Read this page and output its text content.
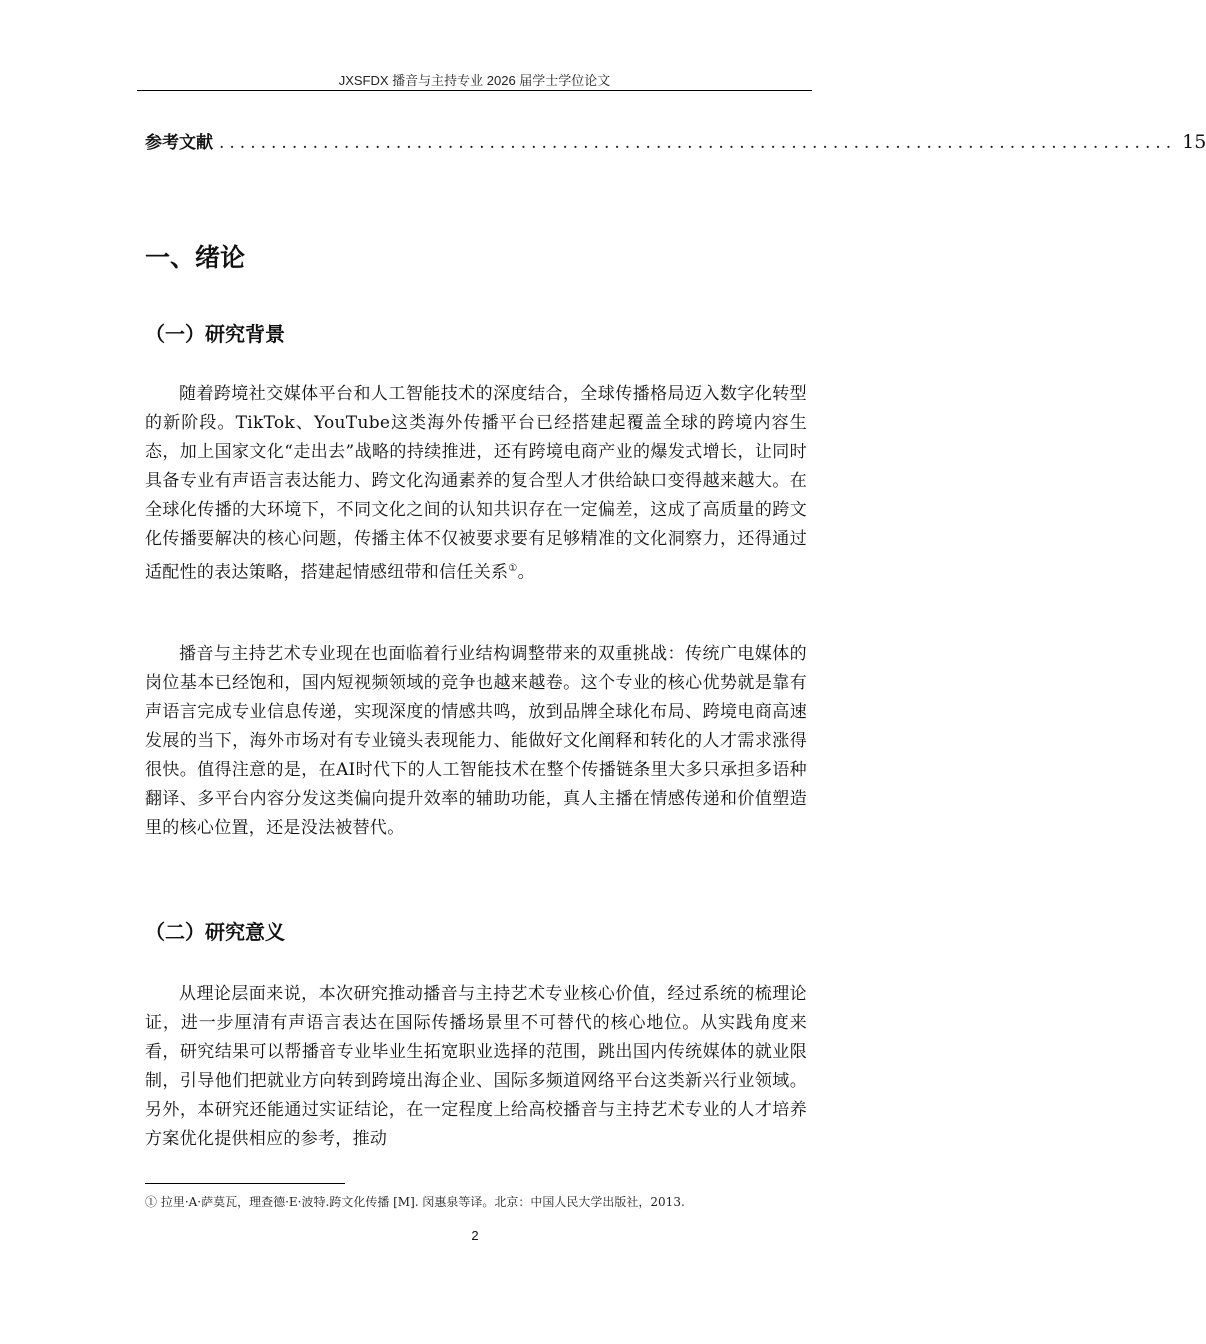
JXSFDX 播音与主持专业 2026 届学士学位论文
参考文献 ............................................................................................ 15
一、绪论
（一）研究背景

随着跨境社交媒体平台和人工智能技术的深度结合，全球传播格局迈入数字化转型的新阶段。TikTok、YouTube这类海外传播平台已经搭建起覆盖全球的跨境内容生态，加上国家文化“走出去”战略的持续推进，还有跨境电商产业的爆发式增长，让同时具备专业有声语言表达能力、跨文化沟通素养的复合型人才供给缺口变得越来越大。在全球化传播的大环境下，不同文化之间的认知共识存在一定偏差，这成了高质量的跨文化传播要解决的核心问题，传播主体不仅被要求要有足够精准的文化洞察力，还得通过适配性的表达策略，搭建起情感纽带和信任关系①。

播音与主持艺术专业现在也面临着行业结构调整带来的双重挑战：传统广电媒体的岗位基本已经饱和，国内短视频领域的竞争也越来越卷。这个专业的核心优势就是靠有声语言完成专业信息传递，实现深度的情感共鸣，放到品牌全球化布局、跨境电商高速发展的当下，海外市场对有专业镜头表现能力、能做好文化阐释和转化的人才需求涨得很快。值得注意的是，在AI时代下的人工智能技术在整个传播链条里大多只承担多语种翻译、多平台内容分发这类偏向提升效率的辅助功能，真人主播在情感传递和价值塑造里的核心位置，还是没法被替代。

（二）研究意义

从理论层面来说，本次研究推动播音与主持艺术专业核心价值，经过系统的梳理论证，进一步厘清有声语言表达在国际传播场景里不可替代的核心地位。从实践角度来看，研究结果可以帮播音专业毕业生拓宽职业选择的范围，跳出国内传统媒体的就业限制，引导他们把就业方向转到跨境出海企业、国际多频道网络平台这类新兴行业领域。另外，本研究还能通过实证结论，在一定程度上给高校播音与主持艺术专业的人才培养方案优化提供相应的参考，推动

① 拉里·A·萨莫瓦，理查德·E·波特.跨文化传播 [M]. 闵惠泉等译。北京：中国人民大学出版社，2013.
2
